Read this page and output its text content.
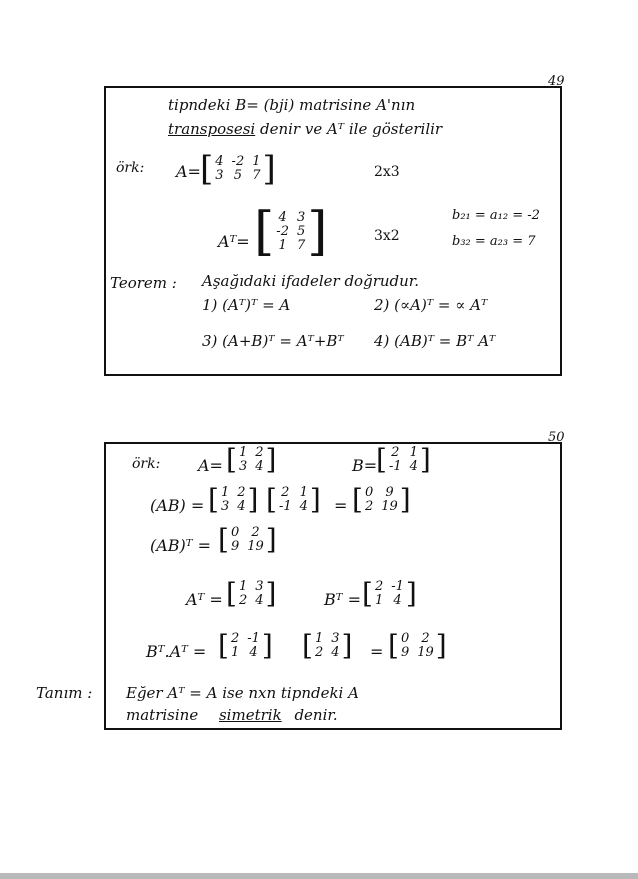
49
tipndeki B= (bji) matrisine A'nın
transposesi denir ve Aᵀ ile gösterilir
örk: A= [ 4 -2 1
3 5 7 ]	2x3
Aᵀ= [ 4 3
-2 5
1 7 ]	3x2
b₂₁ = a₁₂ = -2
b₃₂ = a₂₃ = 7
Teorem : Aşağıdaki ifadeler doğrudur.
1) (Aᵀ)ᵀ = A	2) (∝A)ᵀ = ∝ Aᵀ
3) (A+B)ᵀ = Aᵀ+Bᵀ 4) (AB)ᵀ = Bᵀ Aᵀ
50
örk: A= [ 1 2
3 4 ]	B=
[ 2 1
-1 4 ]
(AB) = [ 1 2
3 4 ] [ 2 1
-1 4 ] = [ 0 9
2 19 ]
(AB)ᵀ = [ 0 2
9 19 ]
Aᵀ = [ 1 3
2 4 ]	Bᵀ = [ 2 -1
1 4 ]
Bᵀ.Aᵀ = [ 2 -1
1 4 ] [ 1 3
2 4 ] = [ 0 2
9 19 ]
Tanım : Eğer Aᵀ = A ise nxn tipndeki A
matrisine simetrik denir.
